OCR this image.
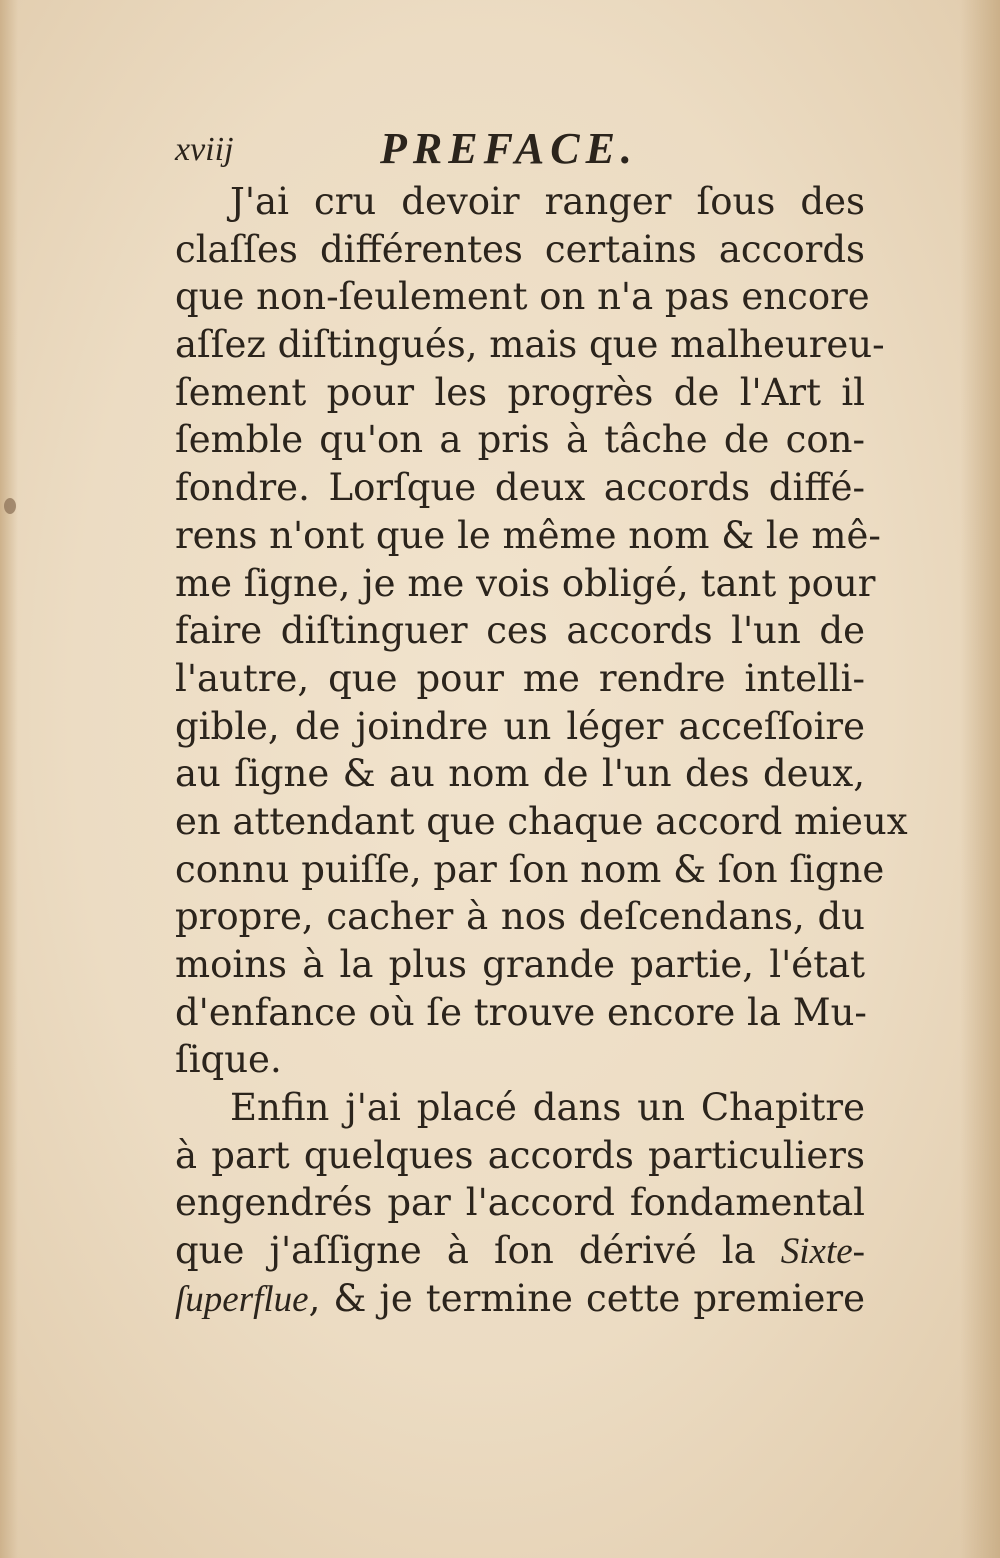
xviij	PREFACE.
J'ai cru devoir ranger ſous des
claſſes différentes certains accords
que non-ſeulement on n'a pas encore
aſſez diſtingués, mais que malheureu-
ſement pour les progrès de l'Art il
ſemble qu'on a pris à tâche de con-
fondre. Lorſque deux accords diffé-
rens n'ont que le même nom & le mê-
me ſigne, je me vois obligé, tant pour
faire diſtinguer ces accords l'un de
l'autre, que pour me rendre intelli-
gible, de joindre un léger acceſſoire
au ſigne & au nom de l'un des deux,
en attendant que chaque accord mieux
connu puiſſe, par ſon nom & ſon ſigne
propre, cacher à nos deſcendans, du
moins à la plus grande partie, l'état
d'enfance où ſe trouve encore la Mu-
ſique.
Enfin j'ai placé dans un Chapitre
à part quelques accords particuliers
engendrés par l'accord fondamental
que j'aſſigne à ſon dérivé la Sixte-
ſuperflue, & je termine cette premiere
